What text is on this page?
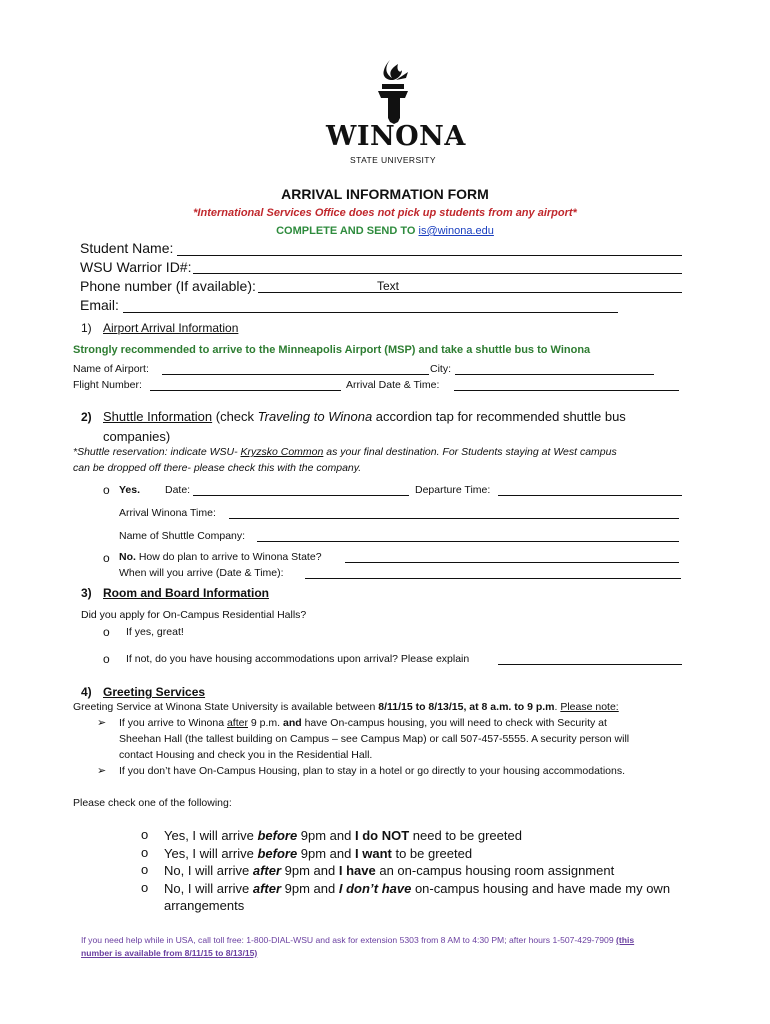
WINONA
STATE UNIVERSITY
ARRIVAL INFORMATION FORM
*International Services Office does not pick up students from any airport*
COMPLETE AND SEND TO is@winona.edu
Student Name:
WSU Warrior ID#:
Phone number (If available):	Text
Email:
1) Airport Arrival Information
Strongly recommended to arrive to the Minneapolis Airport (MSP) and take a shuttle bus to Winona
Name of Airport:	City:
Flight Number:	Arrival Date & Time:
2) Shuttle Information (check Traveling to Winona accordion tap for recommended shuttle bus
companies)
*Shuttle reservation: indicate WSU- Kryzsko Common as your final destination. For Students staying at West campus
can be dropped off there- please check this with the company.
o Yes. Date:	Departure Time:
Arrival Winona Time:
Name of Shuttle Company:
o No. How do plan to arrive to Winona State?
When will you arrive (Date & Time):
3) Room and Board Information
Did you apply for On-Campus Residential Halls?
o If yes, great!
o If not, do you have housing accommodations upon arrival? Please explain
4) Greeting Services
Greeting Service at Winona State University is available between 8/11/15 to 8/13/15, at 8 a.m. to 9 p.m. Please note:
➢ If you arrive to Winona after 9 p.m. and have On-campus housing, you will need to check with Security at
Sheehan Hall (the tallest building on Campus – see Campus Map) or call 507-457-5555. A security person will
contact Housing and check you in the Residential Hall.
➢ If you don’t have On-Campus Housing, plan to stay in a hotel or go directly to your housing accommodations.
Please check one of the following:
o Yes, I will arrive before 9pm and I do NOT need to be greeted
o Yes, I will arrive before 9pm and I want to be greeted
o No, I will arrive after 9pm and I have an on-campus housing room assignment
o No, I will arrive after 9pm and I don’t have on-campus housing and have made my own
arrangements
If you need help while in USA, call toll free: 1-800-DIAL-WSU and ask for extension 5303 from 8 AM to 4:30 PM; after hours 1-507-429-7909 (this
number is available from 8/11/15 to 8/13/15)
